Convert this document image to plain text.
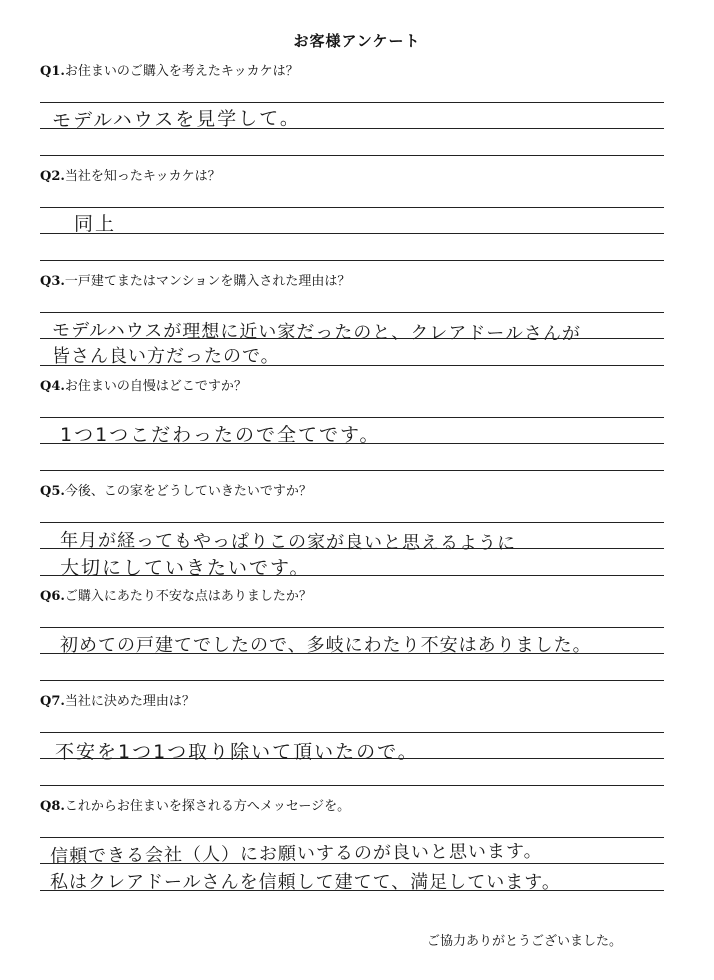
お客様アンケート
Q1.お住まいのご購入を考えたキッカケは？
モデルハウスを見学して。
Q2.当社を知ったキッカケは？
同上
Q3.一戸建てまたはマンションを購入された理由は？
モデルハウスが理想に近い家だったのと、クレアドールさんが
皆さん良い方だったので。
Q4.お住まいの自慢はどこですか？
1つ1つこだわったので全てです。
Q5.今後、この家をどうしていきたいですか？
年月が経ってもやっぱりこの家が良いと思えるように
大切にしていきたいです。
Q6.ご購入にあたり不安な点はありましたか？
初めての戸建てでしたので、多岐にわたり不安はありました。
Q7.当社に決めた理由は？
不安を1つ1つ取り除いて頂いたので。
Q8.これからお住まいを探される方へメッセージを。
信頼できる会社（人）にお願いするのが良いと思います。
私はクレアドールさんを信頼して建てて、満足しています。
ご協力ありがとうございました。
